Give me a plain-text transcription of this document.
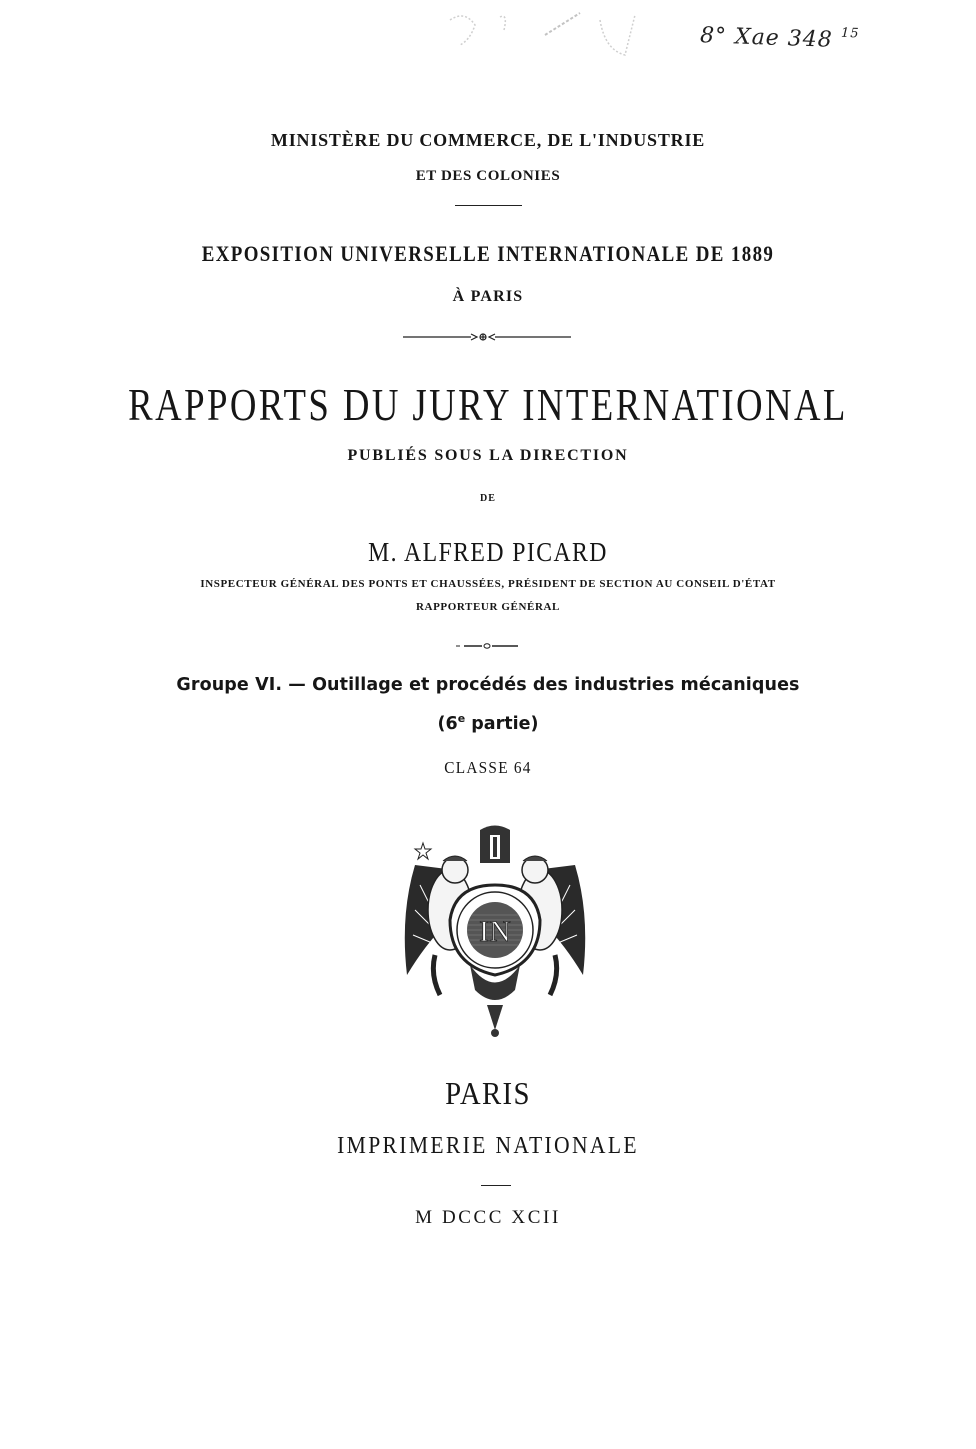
8° Xae 348 $^{15}$
MINISTÈRE DU COMMERCE, DE L'INDUSTRIE
ET DES COLONIES
EXPOSITION UNIVERSELLE INTERNATIONALE DE 1889
À PARIS
RAPPORTS DU JURY INTERNATIONAL
PUBLIÉS SOUS LA DIRECTION
DE
M. ALFRED PICARD
INSPECTEUR GÉNÉRAL DES PONTS ET CHAUSSÉES, PRÉSIDENT DE SECTION AU CONSEIL D'ÉTAT
RAPPORTEUR GÉNÉRAL
Groupe VI. — Outillage et procédés des industries mécaniques
(6e partie)
CLASSE 64
IN
PARIS
IMPRIMERIE NATIONALE
M DCCC XCII
